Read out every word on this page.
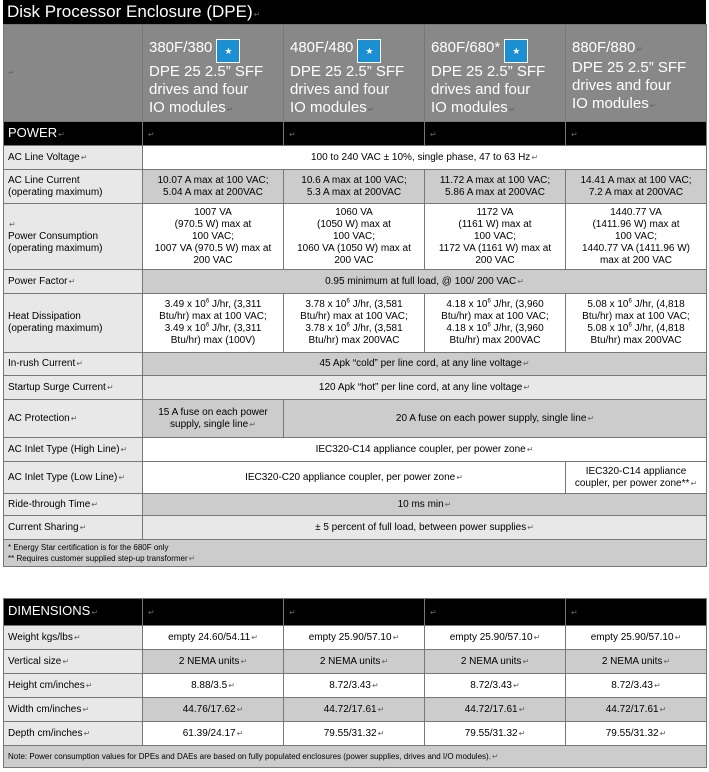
Disk Processor Enclosure (DPE) ↵
↵	380F/380 ★
DPE 25 2.5” SFF
drives and four
IO modules ↵	480F/480 ★
DPE 25 2.5” SFF
drives and four
IO modules ↵	680F/680* ★
DPE 25 2.5” SFF
drives and four
IO modules ↵	880F/880 ↵
DPE 25 2.5” SFF
drives and four
IO modules ↵
POWER ↵	↵	↵	↵	↵
AC Line Voltage ↵	100 to 240 VAC ± 10%, single phase, 47 to 63 Hz ↵
AC Line Current
(operating maximum)	10.07 A max at 100 VAC;
5.04 A max at 200VAC	10.6 A max at 100 VAC;
5.3 A max at 200VAC	11.72 A max at 100 VAC;
5.86 A max at 200VAC	14.41 A max at 100 VAC;
7.2 A max at 200VAC
↵
Power Consumption
(operating maximum)	1007 VA
(970.5 W) max at
100 VAC;
1007 VA (970.5 W) max at
200 VAC	1060 VA
(1050 W) max at
100 VAC;
1060 VA (1050 W) max at
200 VAC	1172 VA
(1161 W) max at
100 VAC;
1172 VA (1161 W) max at
200 VAC	1440.77 VA
(1411.96 W) max at
100 VAC;
1440.77 VA (1411.96 W)
max at 200 VAC
Power Factor ↵	0.95 minimum at full load, @ 100/ 200 VAC ↵
Heat Dissipation
(operating maximum)	3.49 x $10^6$ J/hr, (3,311
Btu/hr) max at 100 VAC;
3.49 x $10^6$ J/hr, (3,311
Btu/hr) max (100V)	3.78 x $10^6$ J/hr, (3,581
Btu/hr) max at 100 VAC;
3.78 x $10^6$ J/hr, (3,581
Btu/hr) max 200VAC	4.18 x $10^6$ J/hr, (3,960
Btu/hr) max at 100 VAC;
4.18 x $10^6$ J/hr, (3,960
Btu/hr) max 200VAC	5.08 x $10^6$ J/hr, (4,818
Btu/hr) max at 100 VAC;
5.08 x $10^6$ J/hr, (4,818
Btu/hr) max 200VAC
In-rush Current ↵	45 Apk “cold” per line cord, at any line voltage ↵
Startup Surge Current ↵	120 Apk “hot” per line cord, at any line voltage ↵
AC Protection ↵	15 A fuse on each power
supply, single line ↵	20 A fuse on each power supply, single line ↵
AC Inlet Type (High Line) ↵	IEC320-C14 appliance coupler, per power zone ↵
AC Inlet Type (Low Line) ↵	IEC320-C20 appliance coupler, per power zone ↵			IEC320-C14 appliance
coupler, per power zone** ↵
Ride-through Time ↵	10 ms min ↵
Current Sharing ↵	± 5 percent of full load, between power supplies ↵
* Energy Star certification is for the 680F only
** Requires customer supplied step-up transformer ↵
DIMENSIONS ↵	↵	↵	↵	↵
Weight kgs/lbs ↵	empty 24.60/54.11 ↵	empty 25.90/57.10 ↵	empty 25.90/57.10 ↵	empty 25.90/57.10 ↵
Vertical size ↵	2 NEMA units ↵	2 NEMA units ↵	2 NEMA units ↵	2 NEMA units ↵
Height cm/inches ↵	8.88/3.5 ↵	8.72/3.43 ↵	8.72/3.43 ↵	8.72/3.43 ↵
Width cm/inches ↵	44.76/17.62 ↵	44.72/17.61 ↵	44.72/17.61 ↵	44.72/17.61 ↵
Depth cm/inches ↵	61.39/24.17 ↵	79.55/31.32 ↵	79.55/31.32 ↵	79.55/31.32 ↵
Note: Power consumption values for DPEs and DAEs are based on fully populated enclosures (power supplies, drives and I/O modules). ↵
